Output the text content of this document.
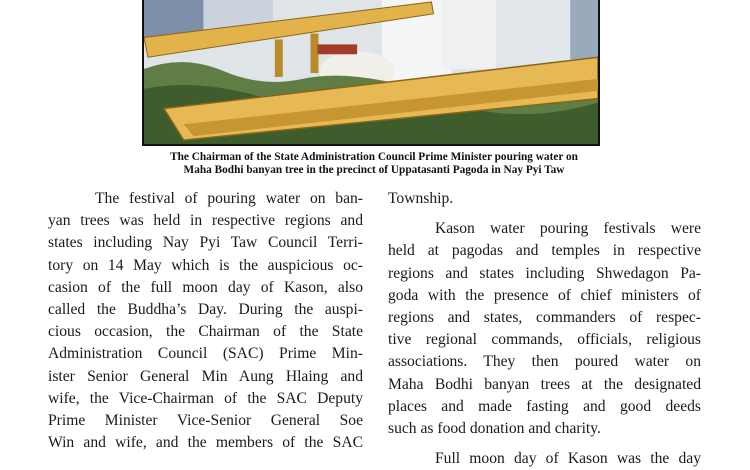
The Chairman of the State Administration Council Prime Minister pouring water on
Maha Bodhi banyan tree in the precinct of Uppatasanti Pagoda in Nay Pyi Taw
The festival of pouring water on ban-
yan trees was held in respective regions and
states including Nay Pyi Taw Council Terri-
tory on 14 May which is the auspicious oc-
casion of the full moon day of Kason, also
called the Buddha’s Day. During the auspi-
cious occasion, the Chairman of the State
Administration Council (SAC) Prime Min-
ister Senior General Min Aung Hlaing and
wife, the Vice-Chairman of the SAC Deputy
Prime Minister Vice-Senior General Soe
Win and wife, and the members of the SAC
Township.
Kason water pouring festivals were
held at pagodas and temples in respective
regions and states including Shwedagon Pa-
goda with the presence of chief ministers of
regions and states, commanders of respec-
tive regional commands, officials, religious
associations. They then poured water on
Maha Bodhi banyan trees at the designated
places and made fasting and good deeds
such as food donation and charity.
Full moon day of Kason was the day
